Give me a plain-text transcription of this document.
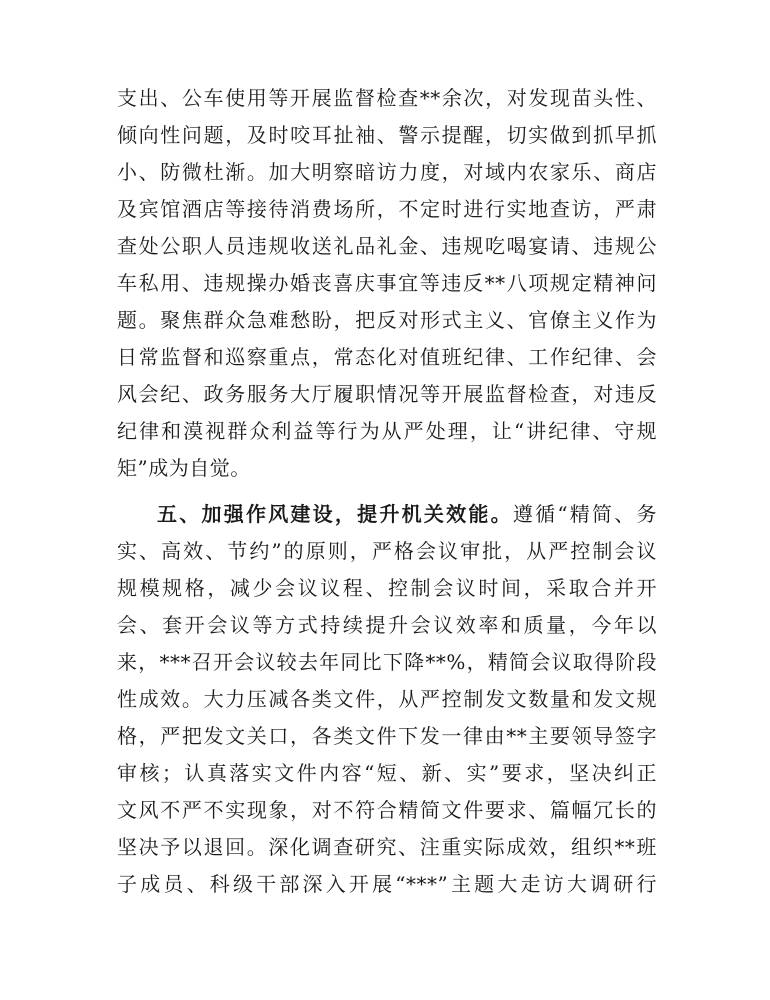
支出、公车使用等开展监督检查**余次，对发现苗头性、
倾向性问题，及时咬耳扯袖、警示提醒，切实做到抓早抓
小、防微杜渐。加大明察暗访力度，对域内农家乐、商店
及宾馆酒店等接待消费场所，不定时进行实地查访，严肃
查处公职人员违规收送礼品礼金、违规吃喝宴请、违规公
车私用、违规操办婚丧喜庆事宜等违反**八项规定精神问
题。聚焦群众急难愁盼，把反对形式主义、官僚主义作为
日常监督和巡察重点，常态化对值班纪律、工作纪律、会
风会纪、政务服务大厅履职情况等开展监督检查，对违反
纪律和漠视群众利益等行为从严处理，让“讲纪律、守规
矩”成为自觉。
五、加强作风建设，提升机关效能。遵循“精简、务
实、高效、节约”的原则，严格会议审批，从严控制会议
规模规格，减少会议议程、控制会议时间，采取合并开
会、套开会议等方式持续提升会议效率和质量，今年以
来，***召开会议较去年同比下降**%，精简会议取得阶段
性成效。大力压减各类文件，从严控制发文数量和发文规
格，严把发文关口，各类文件下发一律由**主要领导签字
审核；认真落实文件内容“短、新、实”要求，坚决纠正
文风不严不实现象，对不符合精简文件要求、篇幅冗长的
坚决予以退回。深化调查研究、注重实际成效，组织**班
子成员、科级干部深入开展“***”主题大走访大调研行
